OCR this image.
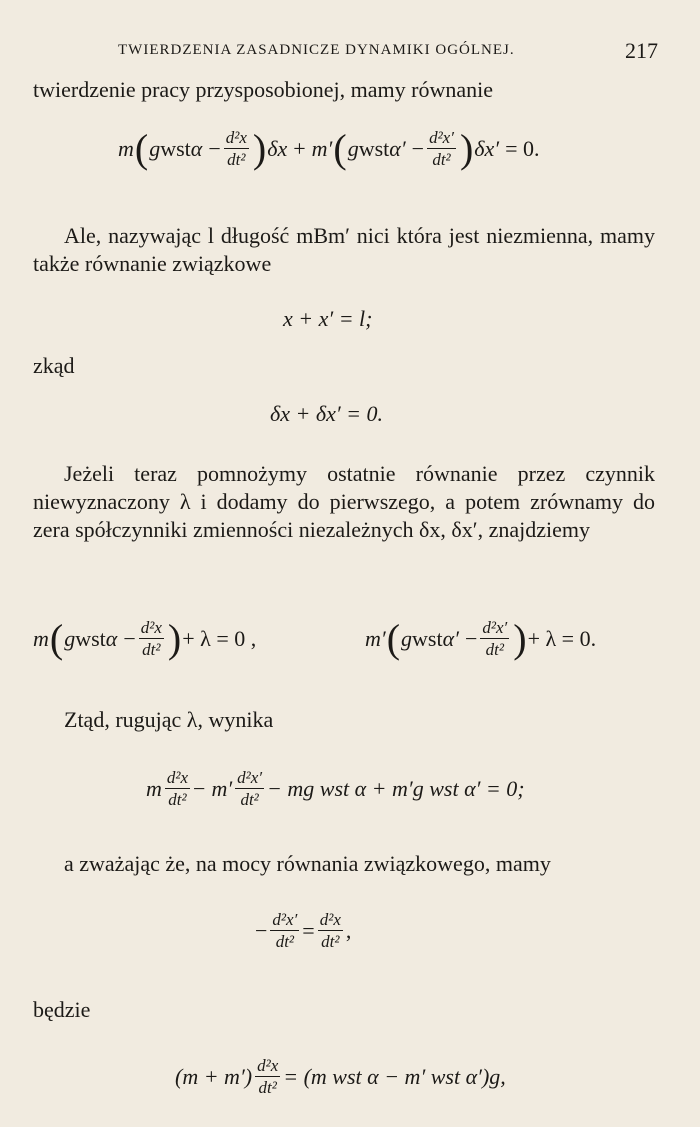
TWIERDZENIA ZASADNICZE DYNAMIKI OGÓLNEJ.	217

twierdzenie pracy przysposobionej, mamy równanie

m ( g wst $\alpha - \frac{\text{d²x}}{\text{dt²}}$ ) δx + m′ ( g wst $\alpha' - \frac{\text{d²x′}}{\text{dt²}}$ ) δx′ = 0.

Ale, nazywając l długość mBm′ nici która jest niezmienna, mamy także równanie związkowe

x + x′ = l;

zkąd

δx + δx′ = 0.

Jeżeli teraz pomnożymy ostatnie równanie przez czynnik niewyznaczony λ i dodamy do pierwszego, a potem zrównamy do zera spółczynniki zmienności niezależnych δx, δx′, znajdziemy

m ( g wst $\alpha - \frac{\text{d²x}}{\text{dt²}}$ ) + λ = 0 ,	m′ ( g wst $\alpha' - \frac{\text{d²x′}}{\text{dt²}}$ ) + λ = 0.

Ztąd, rugując λ, wynika

m $\frac{\text{d²x}}{\text{dt²}} - m' \frac{\text{d²x′}}{\text{dt²}}$ − mg wst α + m′g wst α′ = 0;

a zważając że, na mocy równania związkowego, mamy

− $\frac{\text{d²x′}}{\text{dt²}} = \frac{\text{d²x}}{\text{dt²}}$ ,

będzie

$(m + m') \frac{\text{d²x}}{\text{dt²}} = (m$ wst α − m′ wst α′)g,
